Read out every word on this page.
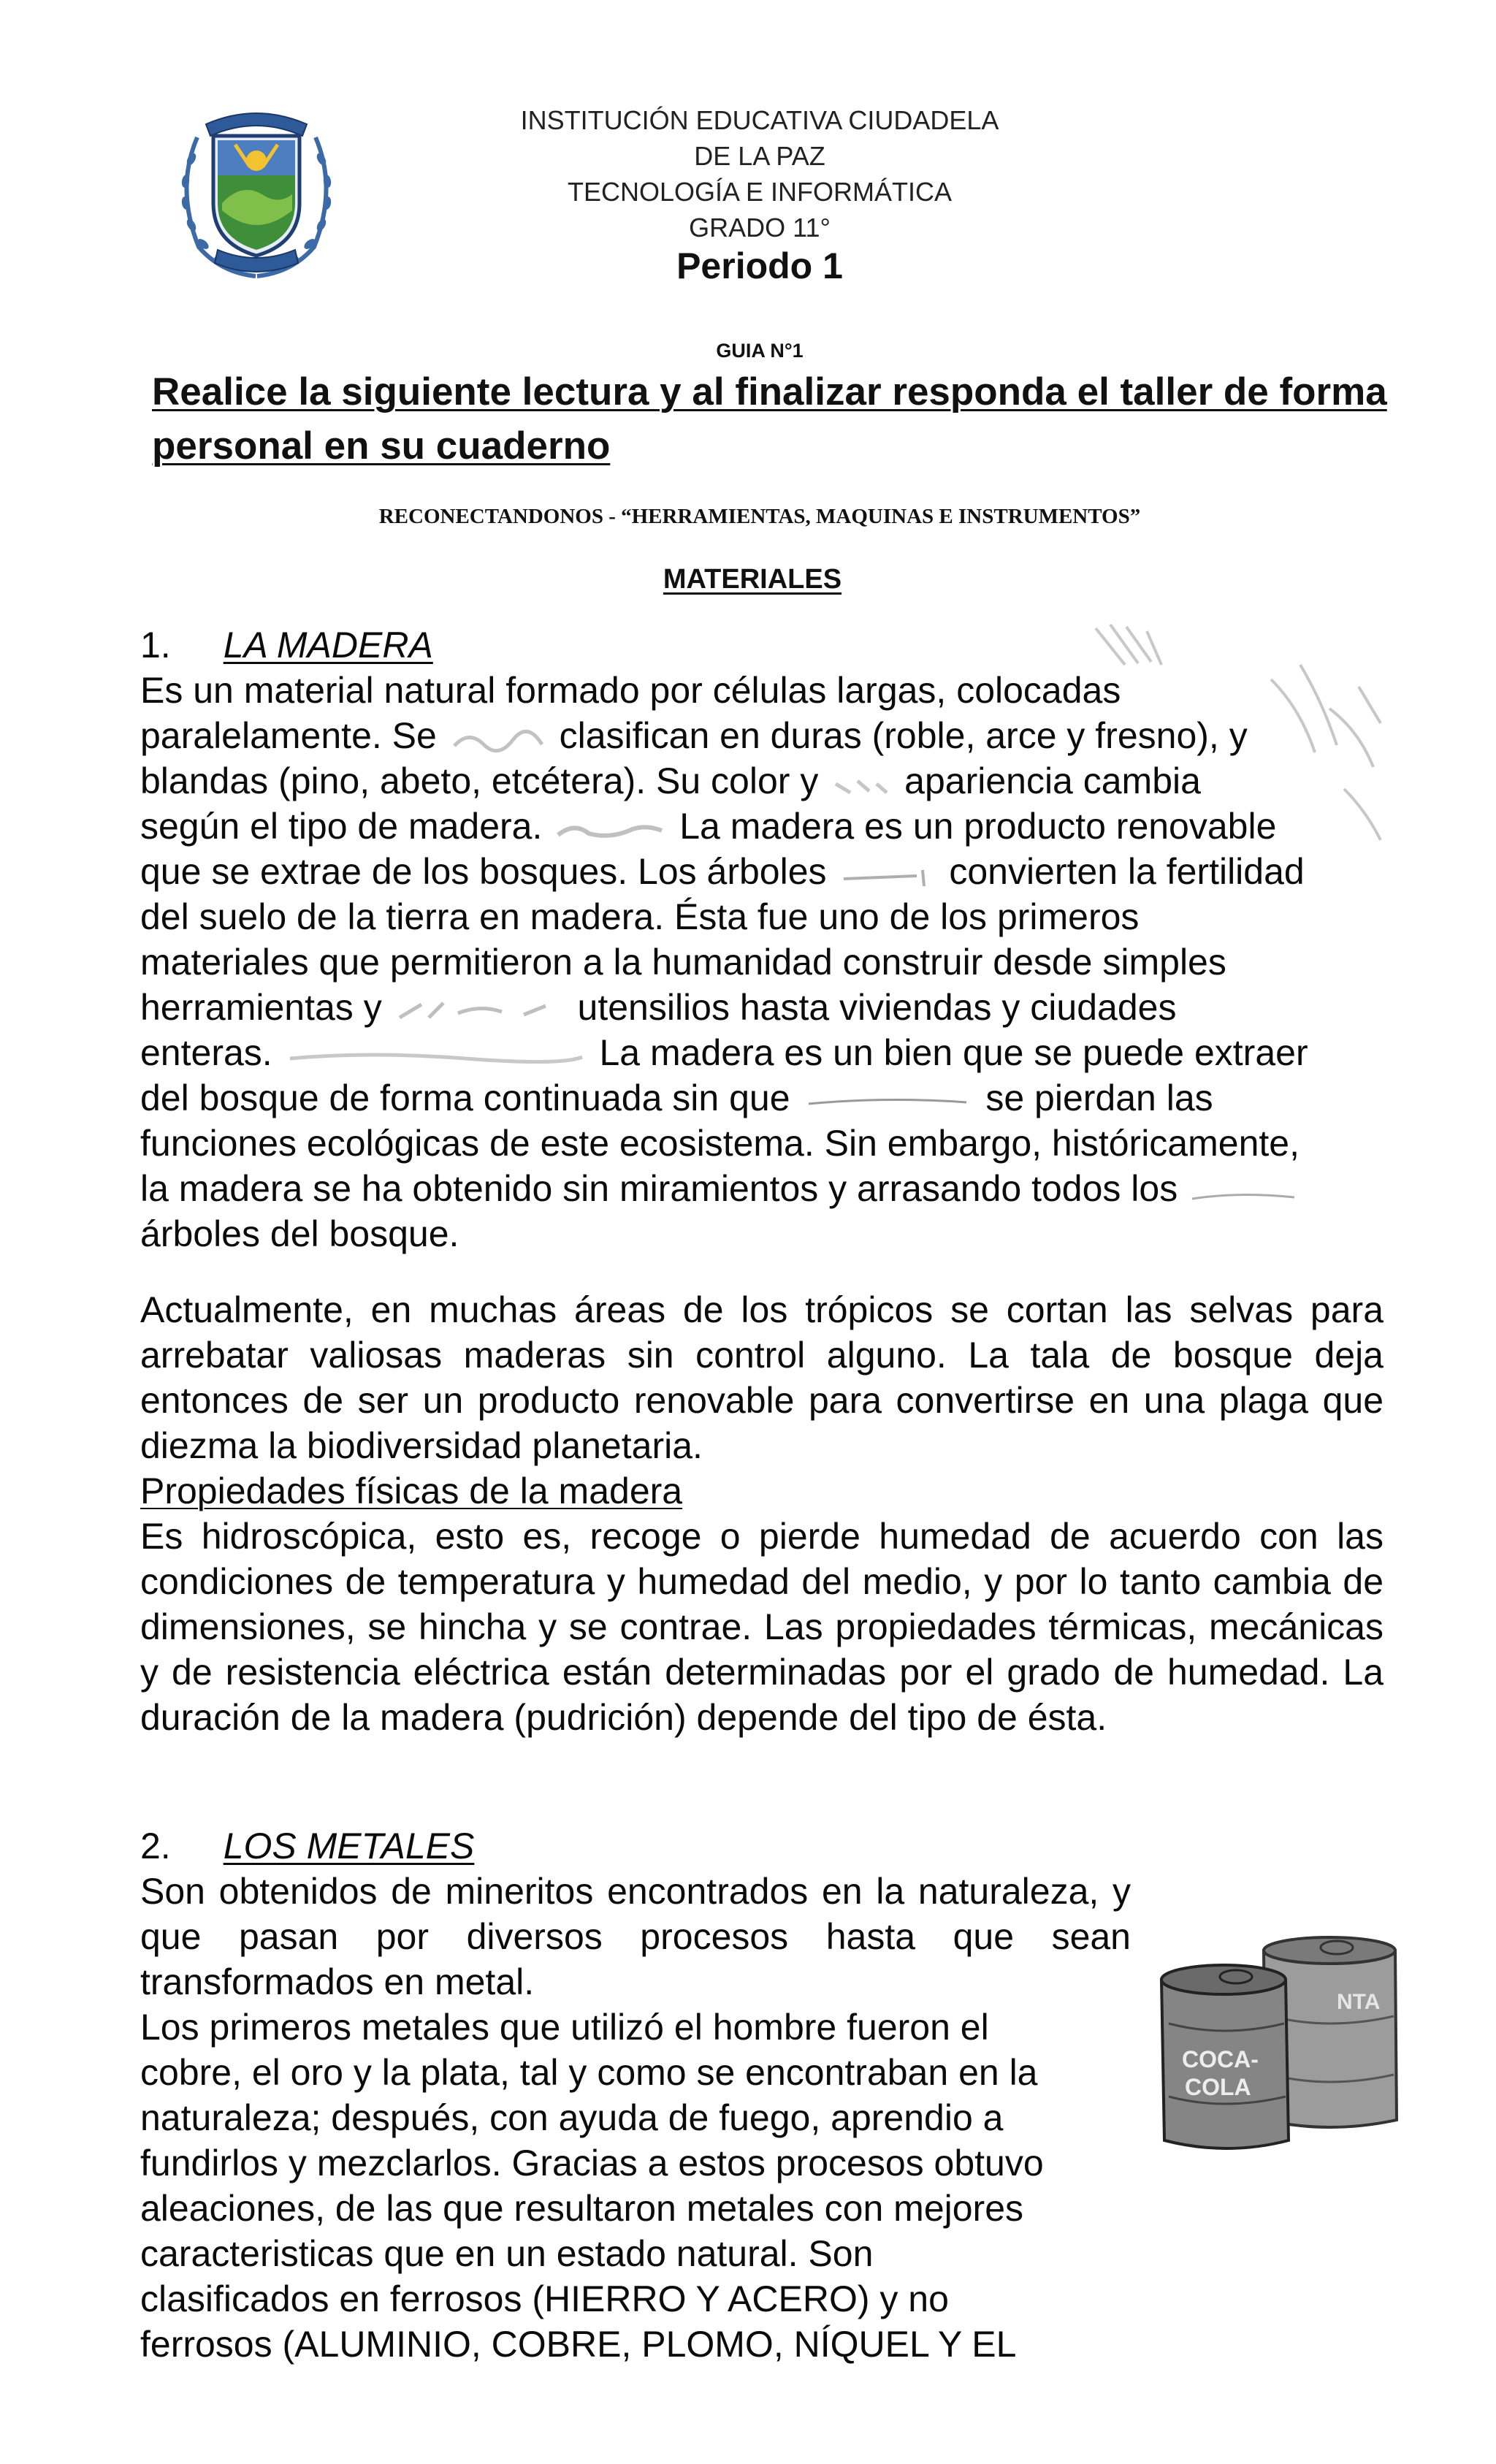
INSTITUCIÓN EDUCATIVA CIUDADELA
DE LA PAZ
TECNOLOGÍA E INFORMÁTICA
GRADO 11°
Periodo 1
GUIA N°1
Realice la siguiente lectura y al finalizar responda el taller de forma
personal en su cuaderno
RECONECTANDONOS - “HERRAMIENTAS, MAQUINAS E INSTRUMENTOS”
MATERIALES
1. LA MADERA
Es un material natural formado por células largas, colocadas
paralelamente. Se	clasifican en duras (roble, arce y fresno), y
blandas (pino, abeto, etcétera). Su color y apariencia cambia
según el tipo de madera.	La madera es un producto renovable
que se extrae de los bosques. Los árboles	convierten la fertilidad
del suelo de la tierra en madera. Ésta fue uno de los primeros
materiales que permitieron a la humanidad construir desde simples
herramientas y	utensilios hasta viviendas y ciudades
enteras.	La madera es un bien que se puede extraer
del bosque de forma continuada sin que	se pierdan las
funciones ecológicas de este ecosistema. Sin embargo, históricamente,
la madera se ha obtenido sin miramientos y arrasando todos los
árboles del bosque.
Actualmente, en muchas áreas de los trópicos se cortan las selvas para arrebatar valiosas maderas sin control alguno. La tala de bosque deja entonces de ser un producto renovable para convertirse en una plaga que diezma la biodiversidad planetaria.
Propiedades físicas de la madera
Es hidroscópica, esto es, recoge o pierde humedad de acuerdo con las condiciones de temperatura y humedad del medio, y por lo tanto cambia de dimensiones, se hincha y se contrae. Las propiedades térmicas, mecánicas y de resistencia eléctrica están determinadas por el grado de humedad. La duración de la madera (pudrición) depende del tipo de ésta.
2. LOS METALES
Son obtenidos de mineritos encontrados en la naturaleza, y que pasan por diversos procesos hasta que sean transformados en metal.
Los primeros metales que utilizó el hombre fueron el
cobre, el oro y la plata, tal y como se encontraban en la
naturaleza; después, con ayuda de fuego, aprendio a
fundirlos y mezclarlos. Gracias a estos procesos obtuvo
aleaciones, de las que resultaron metales con mejores
caracteristicas que en un estado natural. Son
clasificados en ferrosos (HIERRO Y ACERO) y no
ferrosos (ALUMINIO, COBRE, PLOMO, NÍQUEL Y EL
NTA
COCA-
COLA
